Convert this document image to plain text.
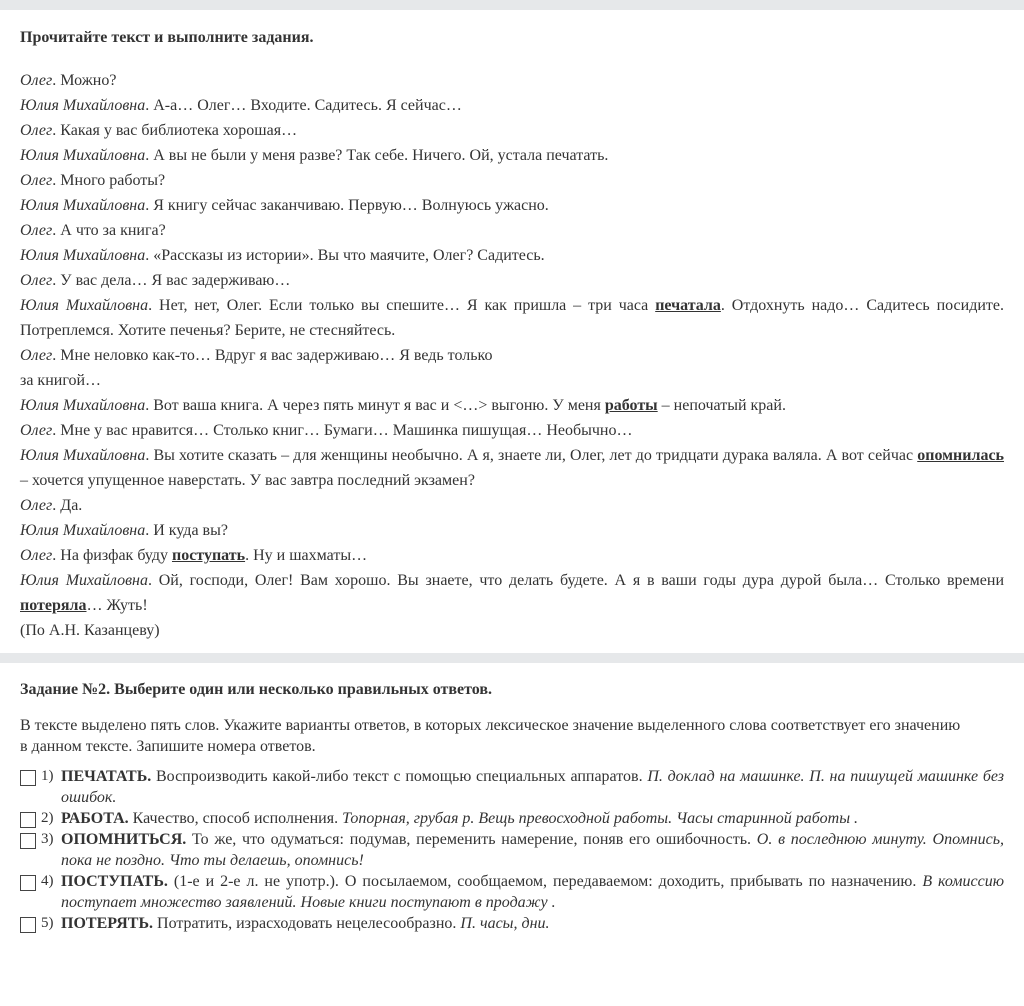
Прочитайте текст и выполните задания.

Олег. Можно?

Юлия Михайловна. А-а… Олег… Входите. Садитесь. Я сейчас…

Олег. Какая у вас библиотека хорошая…

Юлия Михайловна. А вы не были у меня разве? Так себе. Ничего. Ой, устала печатать.

Олег. Много работы?

Юлия Михайловна. Я книгу сейчас заканчиваю. Первую… Волнуюсь ужасно.

Олег. А что за книга?

Юлия Михайловна. «Рассказы из истории». Вы что маячите, Олег? Садитесь.

Олег. У вас дела… Я вас задерживаю…

Юлия Михайловна. Нет, нет, Олег. Если только вы спешите… Я как пришла – три часа печатала. Отдохнуть надо… Садитесь посидите. Потреплемся. Хотите печенья? Берите, не стесняйтесь.

Олег. Мне неловко как-то… Вдруг я вас задерживаю… Я ведь только

за книгой…

Юлия Михайловна. Вот ваша книга. А через пять минут я вас и <…> выгоню. У меня работы – непочатый край.

Олег. Мне у вас нравится… Столько книг… Бумаги… Машинка пишущая… Необычно…

Юлия Михайловна. Вы хотите сказать – для женщины необычно. А я, знаете ли, Олег, лет до тридцати дурака валяла. А вот сейчас опомнилась – хочется упущенное наверстать. У вас завтра последний экзамен?

Олег. Да.

Юлия Михайловна. И куда вы?

Олег. На физфак буду поступать. Ну и шахматы…

Юлия Михайловна. Ой, господи, Олег! Вам хорошо. Вы знаете, что делать будете. А я в ваши годы дура дурой была… Столько времени потеряла… Жуть!

(По А.Н. Казанцеву)

Задание №2. Выберите один или несколько правильных ответов.

В тексте выделено пять слов. Укажите варианты ответов, в которых лексическое значение выделенного слова соответствует его значению
в данном тексте. Запишите номера ответов.

1) ПЕЧАТАТЬ. Воспроизводить какой-либо текст с помощью специальных аппаратов. П. доклад на машинке. П. на пишущей машинке без ошибок.
2) РАБОТА. Качество, способ исполнения. Топорная, грубая р. Вещь превосходной работы. Часы старинной работы .
3) ОПОМНИТЬСЯ. То же, что одуматься: подумав, переменить намерение, поняв его ошибочность. О. в последнюю минуту. Опомнись, пока не поздно. Что ты делаешь, опомнись!
4) ПОСТУПАТЬ. (1-е и 2-е л. не употр.). О посылаемом, сообщаемом, передаваемом: доходить, прибывать по назначению. В комиссию поступает множество заявлений. Новые книги поступают в продажу .
5) ПОТЕРЯТЬ. Потратить, израсходовать нецелесообразно. П. часы, дни.
